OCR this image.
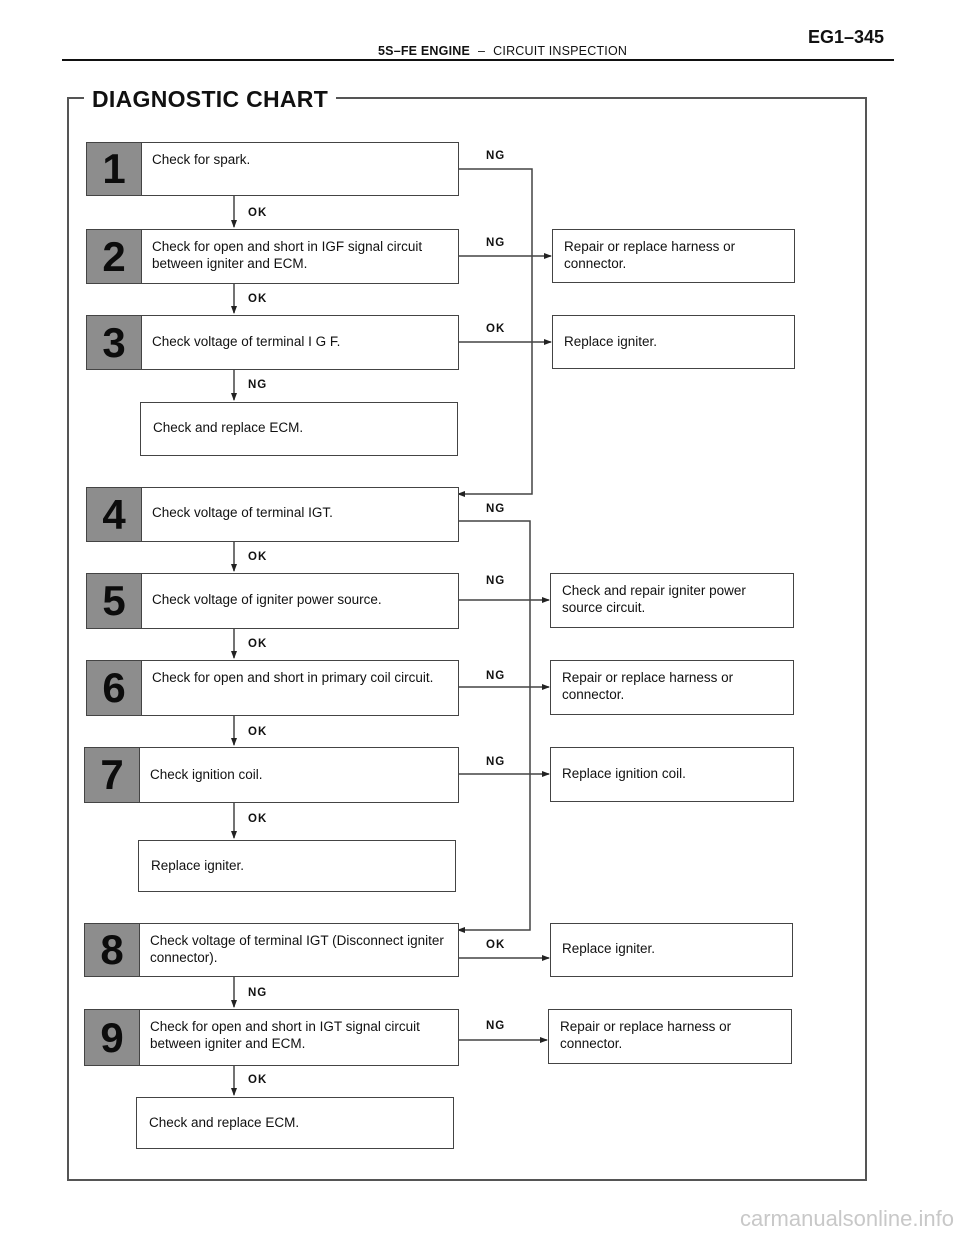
5S–FE ENGINE – CIRCUIT INSPECTION
EG1–345
DIAGNOSTIC CHART
1	Check for spark.
2	Check for open and short in IGF signal circuit between igniter and ECM.
3	Check voltage of terminal I G F.
4	Check voltage of terminal IGT.
5	Check voltage of igniter power source.
6	Check for open and short in primary coil circuit.
7	Check ignition coil.
8	Check voltage of terminal IGT (Disconnect igniter connector).
9	Check for open and short in IGT signal circuit between igniter and ECM.
Check and replace ECM.
Replace igniter.
Check and replace ECM.
Repair or replace harness or connector.
Replace igniter.
Check and repair igniter power source circuit.
Repair or replace harness or connector.
Replace ignition coil.
Replace igniter.
Repair or replace harness or connector.
NG
OK
NG
OK
OK
NG
NG
OK
NG
OK
NG
OK
NG
OK
OK
NG
NG
OK
carmanualsonline.info
